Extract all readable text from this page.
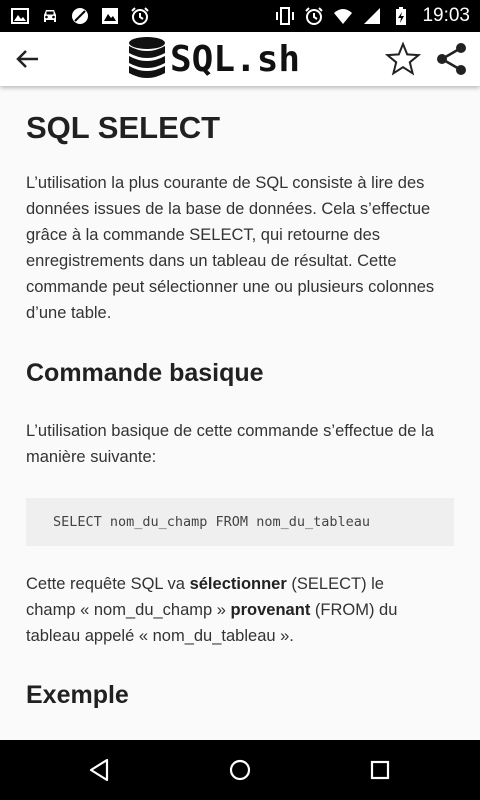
19:03
SQL.sh
SQL SELECT

L’utilisation la plus courante de SQL consiste à lire des données issues de la base de données. Cela s’effectue grâce à la commande SELECT, qui retourne des enregistrements dans un tableau de résultat. Cette commande peut sélectionner une ou plusieurs colonnes d’une table.

Commande basique

L’utilisation basique de cette commande s’effectue de la manière suivante:

SELECT nom_du_champ FROM nom_du_tableau

Cette requête SQL va sélectionner (SELECT) le champ « nom_du_champ » provenant (FROM) du tableau appelé « nom_du_tableau ».

Exemple
